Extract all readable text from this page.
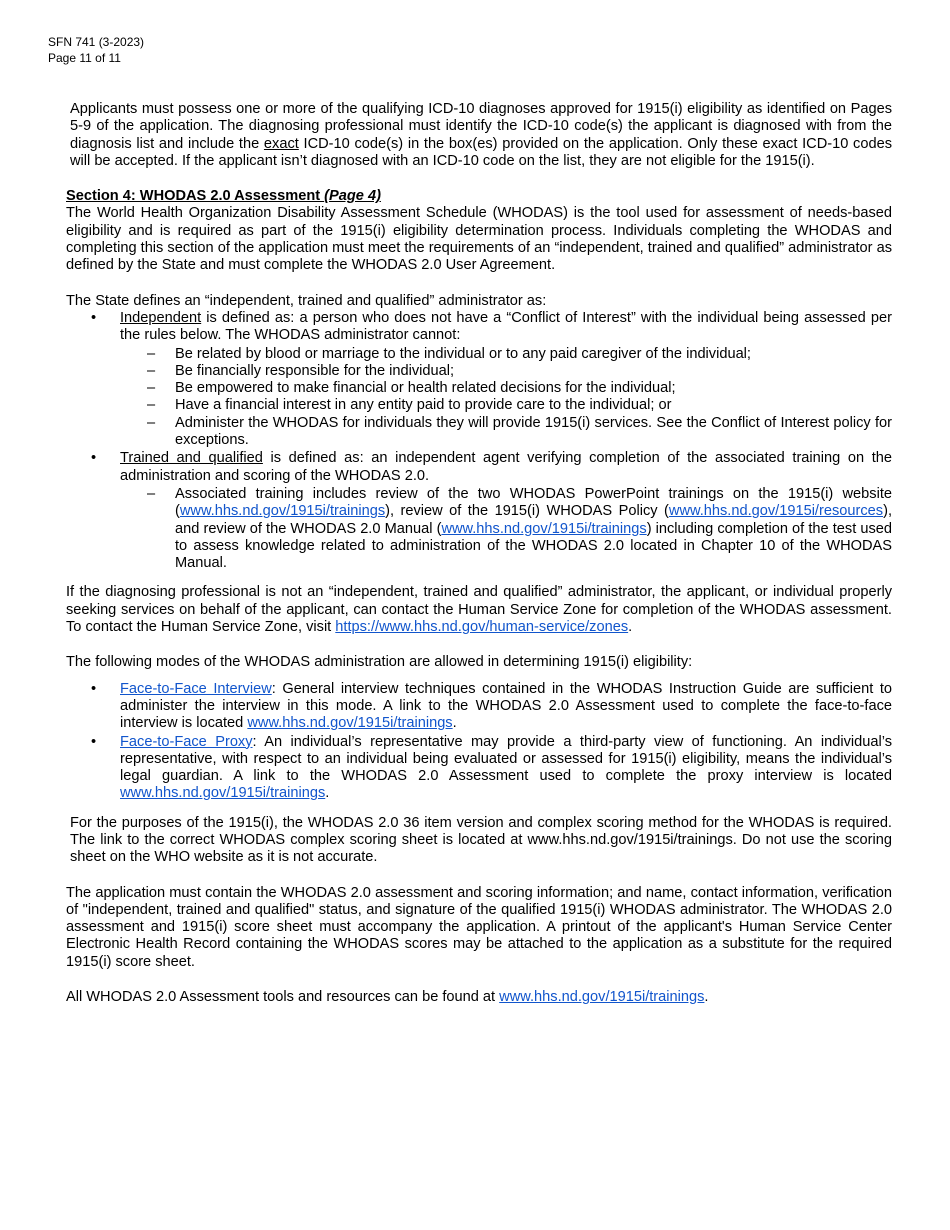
SFN 741 (3-2023)
Page 11 of 11

Applicants must possess one or more of the qualifying ICD-10 diagnoses approved for 1915(i) eligibility as identified on Pages 5-9 of the application. The diagnosing professional must identify the ICD-10 code(s) the applicant is diagnosed with from the diagnosis list and include the exact ICD-10 code(s) in the box(es) provided on the application. Only these exact ICD-10 codes will be accepted. If the applicant isn’t diagnosed with an ICD-10 code on the list, they are not eligible for the 1915(i).

Section 4: WHODAS 2.0 Assessment (Page 4)

The World Health Organization Disability Assessment Schedule (WHODAS) is the tool used for assessment of needs-based eligibility and is required as part of the 1915(i) eligibility determination process. Individuals completing the WHODAS and completing this section of the application must meet the requirements of an “independent, trained and qualified” administrator as defined by the State and must complete the WHODAS 2.0 User Agreement.

The State defines an “independent, trained and qualified” administrator as:

• Independent is defined as: a person who does not have a “Conflict of Interest” with the individual being assessed per the rules below. The WHODAS administrator cannot:
– Be related by blood or marriage to the individual or to any paid caregiver of the individual;
– Be financially responsible for the individual;
– Be empowered to make financial or health related decisions for the individual;
– Have a financial interest in any entity paid to provide care to the individual; or
– Administer the WHODAS for individuals they will provide 1915(i) services. See the Conflict of Interest policy for exceptions.
• Trained and qualified is defined as: an independent agent verifying completion of the associated training on the administration and scoring of the WHODAS 2.0.
– Associated training includes review of the two WHODAS PowerPoint trainings on the 1915(i) website (www.hhs.nd.gov/1915i/trainings), review of the 1915(i) WHODAS Policy (www.hhs.nd.gov/1915i/resources), and review of the WHODAS 2.0 Manual (www.hhs.nd.gov/1915i/trainings) including completion of the test used to assess knowledge related to administration of the WHODAS 2.0 located in Chapter 10 of the WHODAS Manual.

If the diagnosing professional is not an “independent, trained and qualified” administrator, the applicant, or individual properly seeking services on behalf of the applicant, can contact the Human Service Zone for completion of the WHODAS assessment. To contact the Human Service Zone, visit https://www.hhs.nd.gov/human-service/zones.

The following modes of the WHODAS administration are allowed in determining 1915(i) eligibility:

• Face-to-Face Interview: General interview techniques contained in the WHODAS Instruction Guide are sufficient to administer the interview in this mode. A link to the WHODAS 2.0 Assessment used to complete the face-to-face interview is located www.hhs.nd.gov/1915i/trainings.
• Face-to-Face Proxy: An individual’s representative may provide a third-party view of functioning. An individual’s representative, with respect to an individual being evaluated or assessed for 1915(i) eligibility, means the individual’s legal guardian. A link to the WHODAS 2.0 Assessment used to complete the proxy interview is located www.hhs.nd.gov/1915i/trainings.

For the purposes of the 1915(i), the WHODAS 2.0 36 item version and complex scoring method for the WHODAS is required. The link to the correct WHODAS complex scoring sheet is located at www.hhs.nd.gov/1915i/trainings. Do not use the scoring sheet on the WHO website as it is not accurate.

The application must contain the WHODAS 2.0 assessment and scoring information; and name, contact information, verification of "independent, trained and qualified" status, and signature of the qualified 1915(i) WHODAS administrator. The WHODAS 2.0 assessment and 1915(i) score sheet must accompany the application. A printout of the applicant's Human Service Center Electronic Health Record containing the WHODAS scores may be attached to the application as a substitute for the required 1915(i) score sheet.

All WHODAS 2.0 Assessment tools and resources can be found at www.hhs.nd.gov/1915i/trainings.
